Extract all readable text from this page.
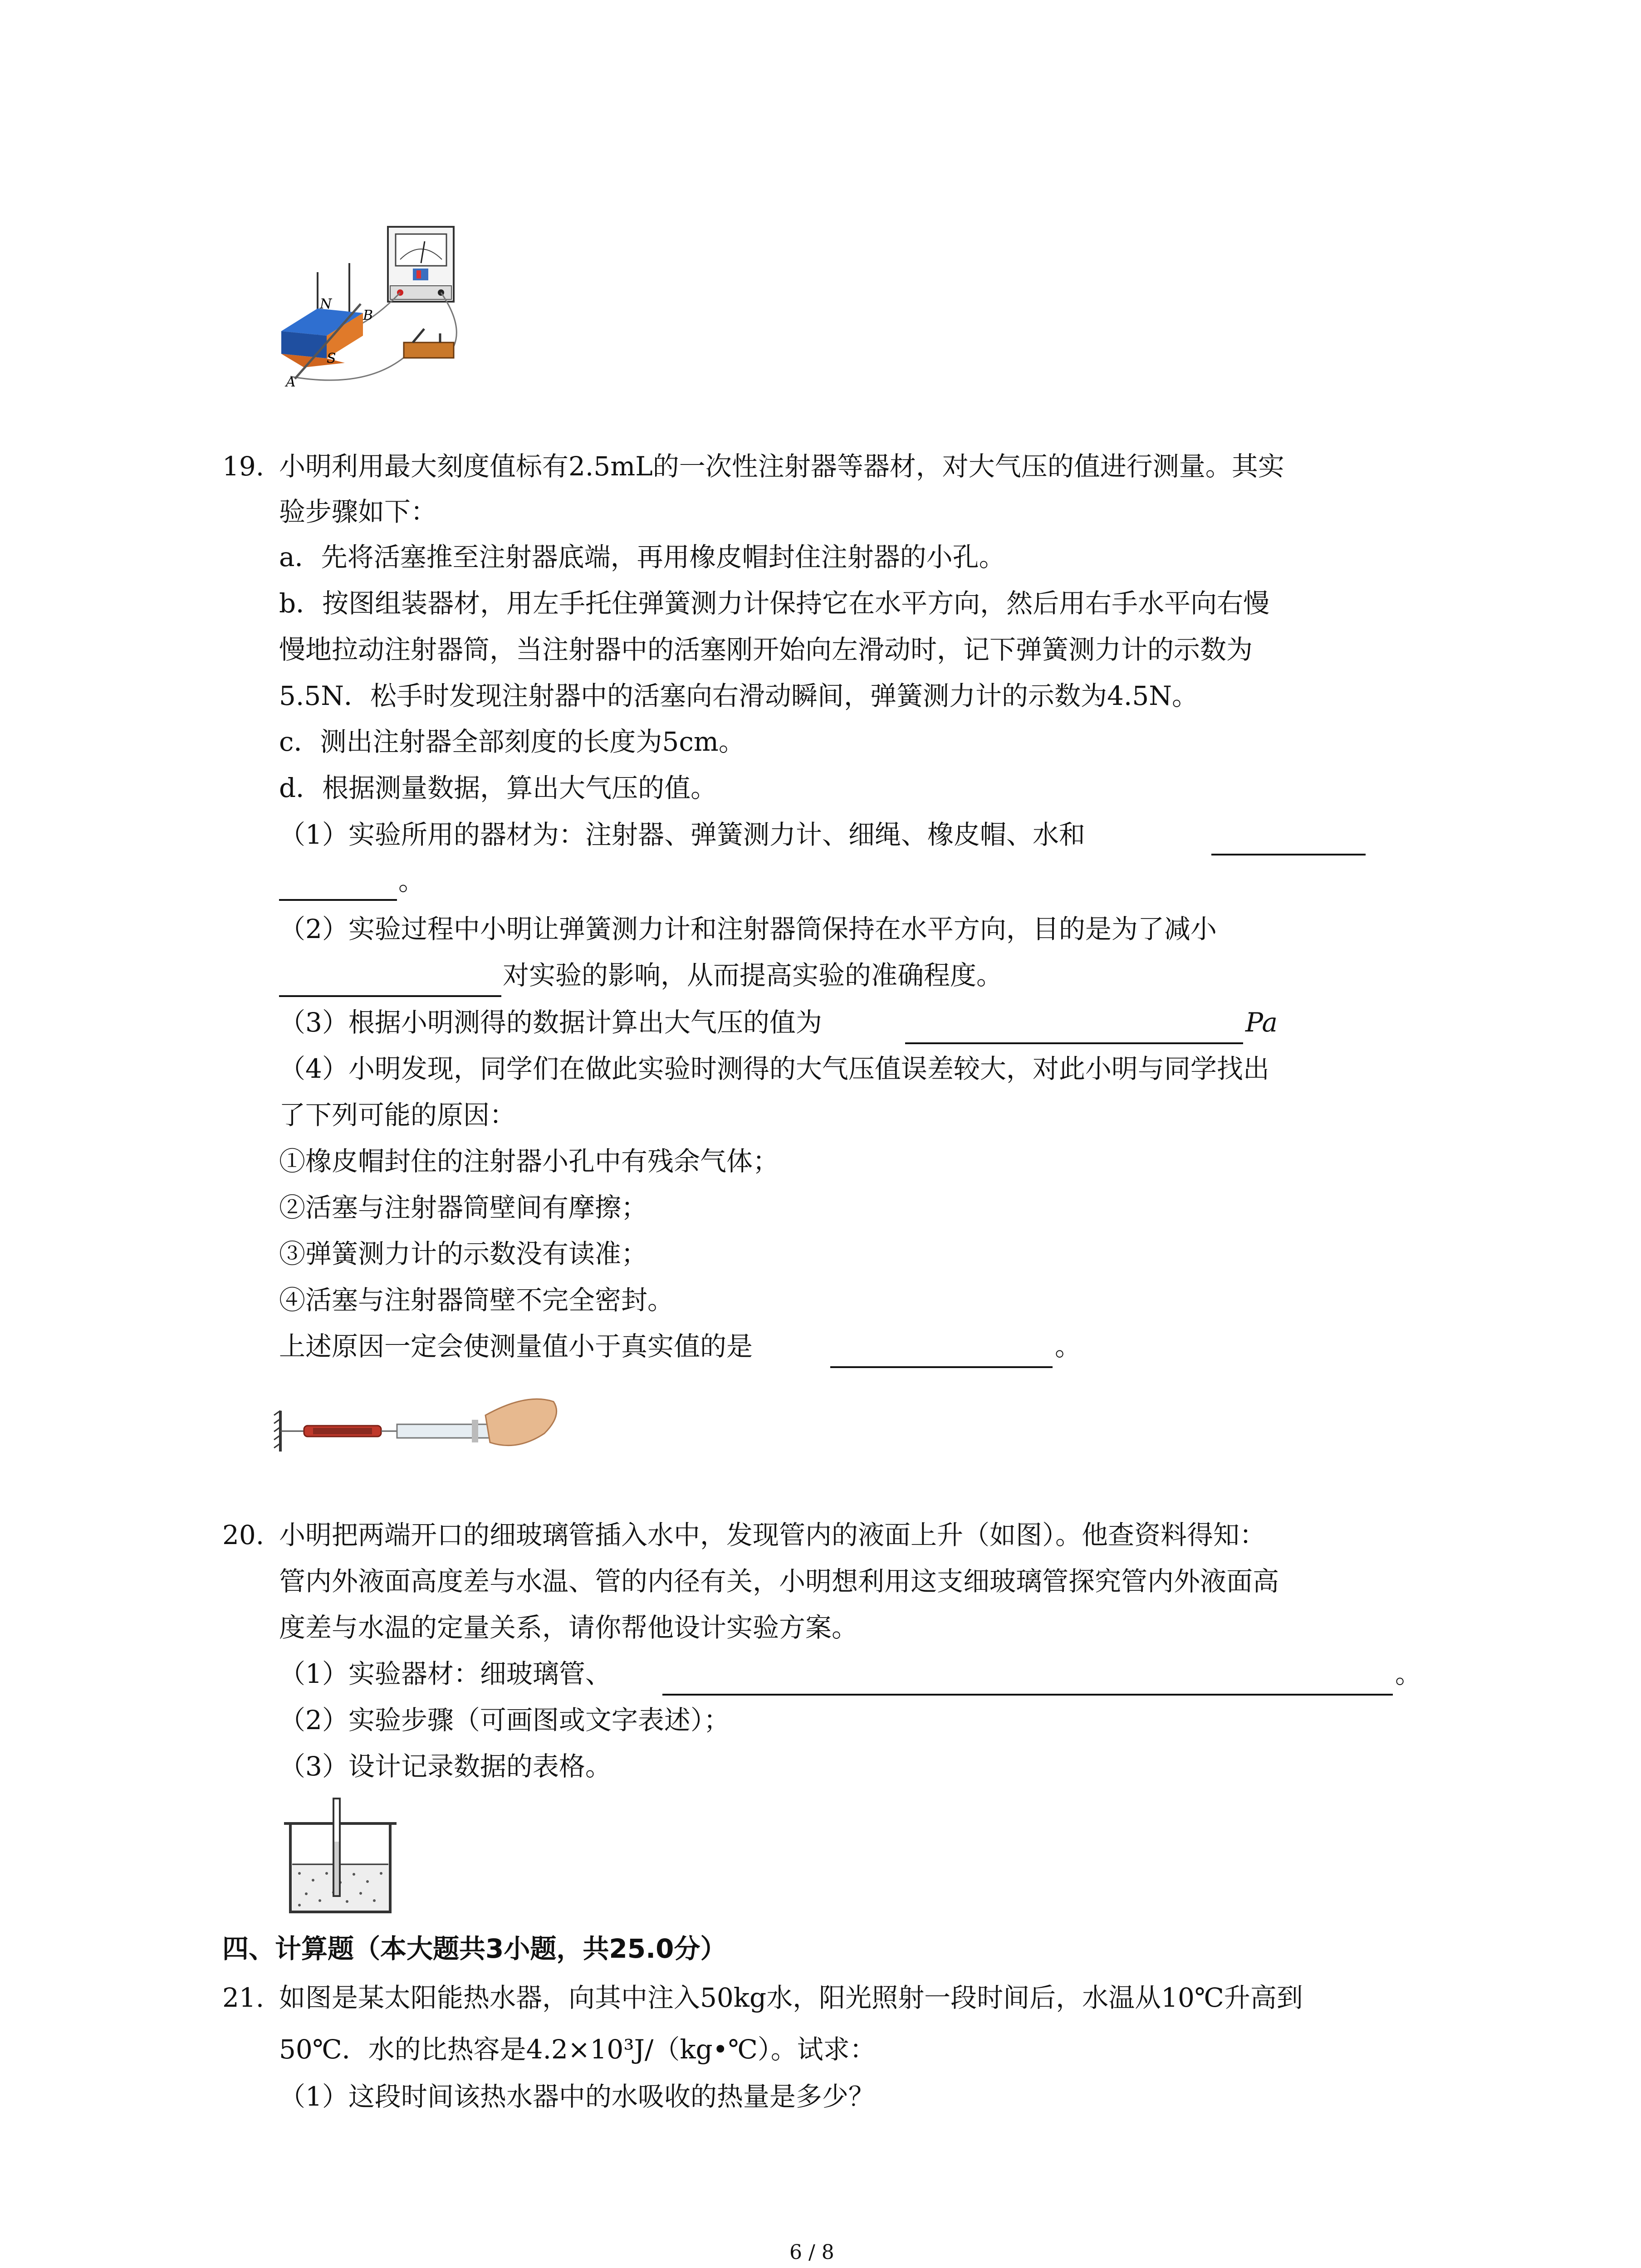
N
S
A
B
19. 小明利用最大刻度值标有2.5mL的一次性注射器等器材，对大气压的值进行测量。其实
验步骤如下：
a．先将活塞推至注射器底端，再用橡皮帽封住注射器的小孔。
b．按图组装器材，用左手托住弹簧测力计保持它在水平方向，然后用右手水平向右慢
慢地拉动注射器筒，当注射器中的活塞刚开始向左滑动时，记下弹簧测力计的示数为
5.5N．松手时发现注射器中的活塞向右滑动瞬间，弹簧测力计的示数为4.5N。
c．测出注射器全部刻度的长度为5cm。
d．根据测量数据，算出大气压的值。
（1）实验所用的器材为：注射器、弹簧测力计、细绳、橡皮帽、水和
。
（2）实验过程中小明让弹簧测力计和注射器筒保持在水平方向，目的是为了减小
对实验的影响，从而提高实验的准确程度。
（3）根据小明测得的数据计算出大气压的值为	Pa
（4）小明发现，同学们在做此实验时测得的大气压值误差较大，对此小明与同学找出
了下列可能的原因：
①橡皮帽封住的注射器小孔中有残余气体；
②活塞与注射器筒壁间有摩擦；
③弹簧测力计的示数没有读准；
④活塞与注射器筒壁不完全密封。
上述原因一定会使测量值小于真实值的是	。
20. 小明把两端开口的细玻璃管插入水中，发现管内的液面上升（如图）。他查资料得知：
管内外液面高度差与水温、管的内径有关，小明想利用这支细玻璃管探究管内外液面高
度差与水温的定量关系，请你帮他设计实验方案。
（1）实验器材：细玻璃管、	。
（2）实验步骤（可画图或文字表述）；
（3）设计记录数据的表格。
四、计算题（本大题共3小题，共25.0分）
21. 如图是某太阳能热水器，向其中注入50kg水，阳光照射一段时间后，水温从10℃升高到
50℃．水的比热容是4.2×10³J/（kg•℃）。试求：
（1）这段时间该热水器中的水吸收的热量是多少？
6 / 8
